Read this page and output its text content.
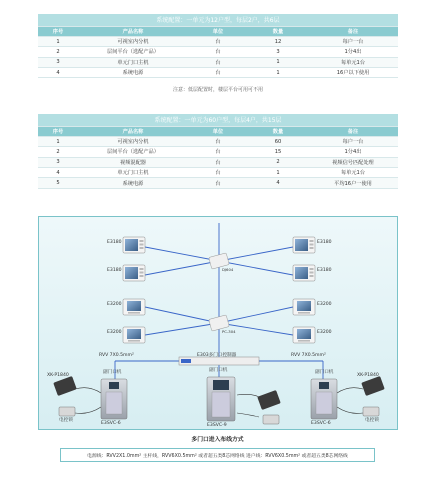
系统配置：一单元为12户型，每层2户，共6层				
序号	产品名称	单位	数量	备注
1	可视室内分机	台	12	每户一台
2	层间平台（选配产品）	台	3	1分4出
3	单元门口主机	台	1	每单元1台
4	系统电源	台	1	16户以下使用
注意：低层配置时，楼层平台可用可不用
系统配置：一单元为60户型，每层4户，共15层				
序号	产品名称	单位	数量	备注
1	可视室内分机	台	60	每户一台
2	层间平台（选配产品）	台	15	1分4出
3	视频混配器	台	2	视频信号匹配处理
4	单元门口主机	台	1	每单元1台
5	系统电源	台	4	平均16户一使用
E3180
E3180
E3180
E3180
E3200
E3200
E3200
E3200
DJ604
PC-304
RVV 7X0.5mm²	RVV 7X0.5mm²
E303多门口控制器
副门口机	副门口机	副门口机
XK-P1840	XK-P1840
电控锁	电控锁
E3SVC-6	E3SVC-9	E3SVC-6
多门口进入布线方式
电源线：RVV2X1.0mm² 主杆线，RVV6X0.5mm² 或者超五类8芯网络线 进户线：RVV6X0.5mm² 或者超五类8芯网络线
